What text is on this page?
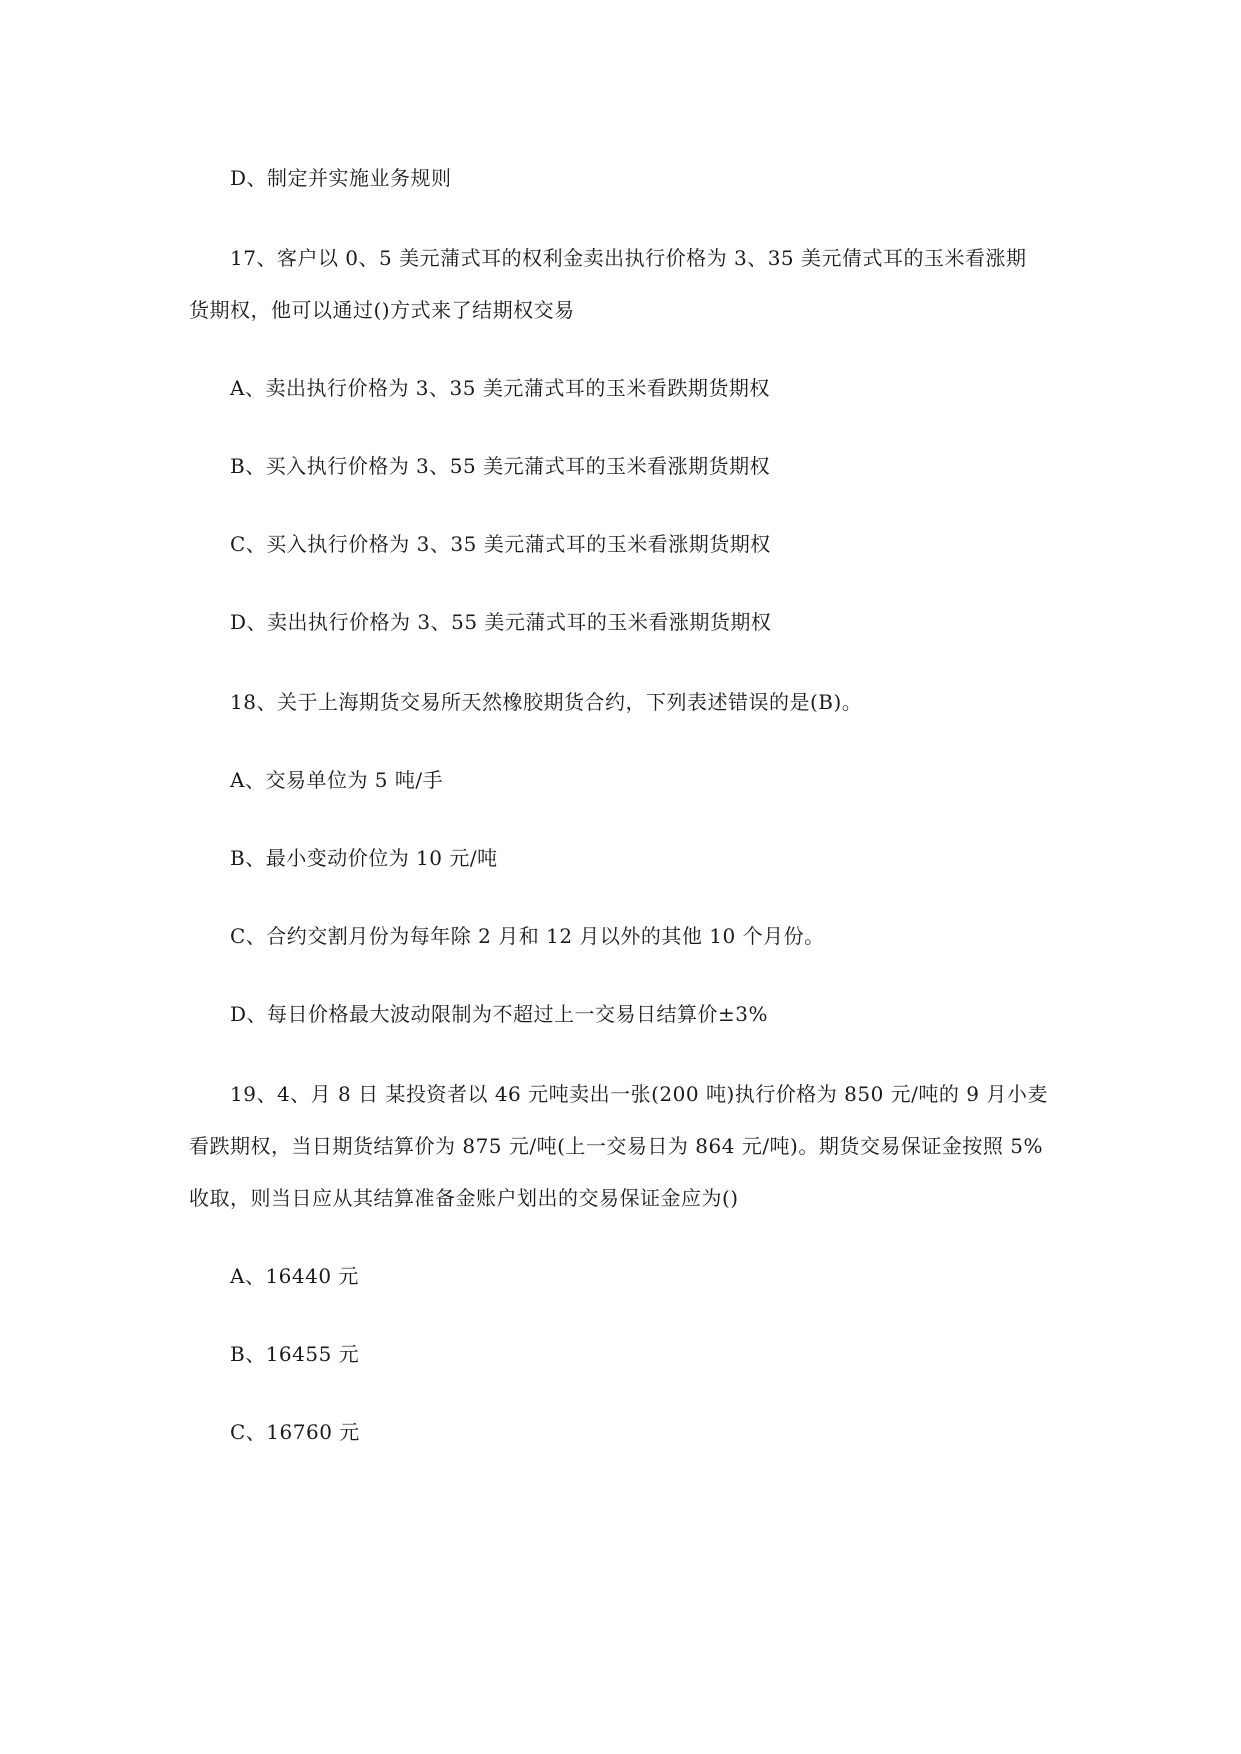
D、制定并实施业务规则
17、客户以 0、5 美元蒲式耳的权利金卖出执行价格为 3、35 美元倩式耳的玉米看涨期
货期权，他可以通过()方式来了结期权交易
A、卖出执行价格为 3、35 美元蒲式耳的玉米看跌期货期权
B、买入执行价格为 3、55 美元蒲式耳的玉米看涨期货期权
C、买入执行价格为 3、35 美元蒲式耳的玉米看涨期货期权
D、卖出执行价格为 3、55 美元蒲式耳的玉米看涨期货期权
18、关于上海期货交易所天然橡胶期货合约，下列表述错误的是(B)。
A、交易单位为 5 吨/手
B、最小变动价位为 10 元/吨
C、合约交割月份为每年除 2 月和 12 月以外的其他 10 个月份。
D、每日价格最大波动限制为不超过上一交易日结算价±3%
19、4、月 8 日 某投资者以 46 元吨卖出一张(200 吨)执行价格为 850 元/吨的 9 月小麦
看跌期权，当日期货结算价为 875 元/吨(上一交易日为 864 元/吨)。期货交易保证金按照 5%
收取，则当日应从其结算准备金账户划出的交易保证金应为()
A、16440 元
B、16455 元
C、16760 元
